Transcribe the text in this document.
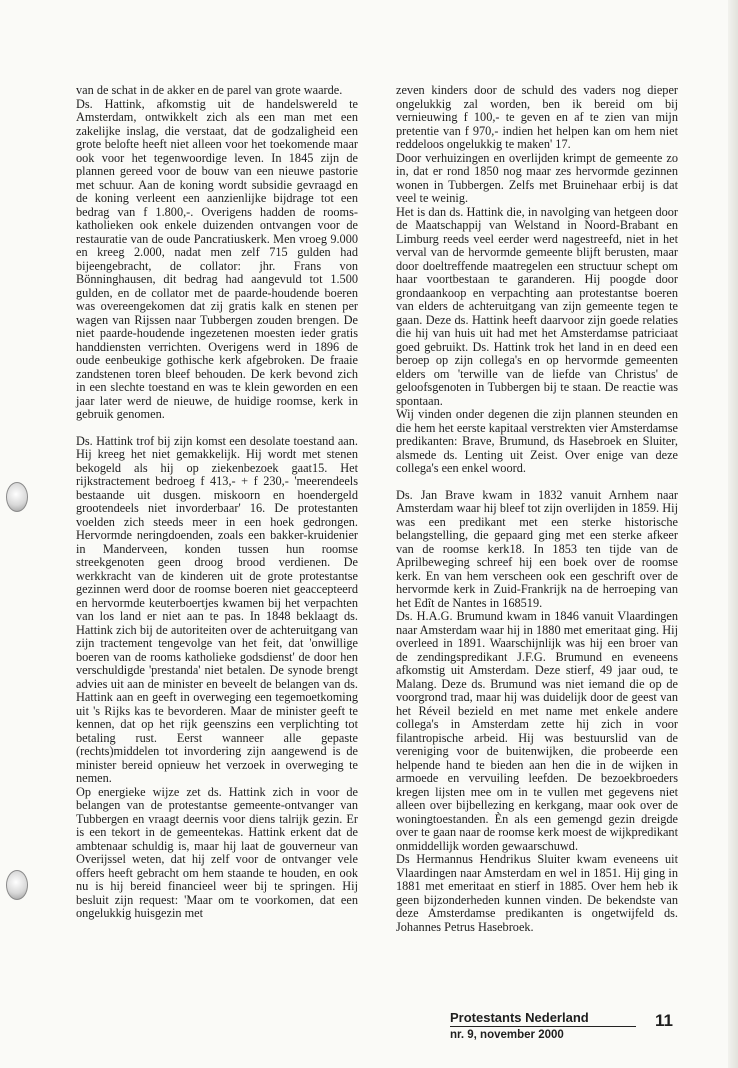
van de schat in de akker en de parel van grote waarde.

Ds. Hattink, afkomstig uit de handelswereld te Amsterdam, ontwikkelt zich als een man met een zakelijke inslag, die verstaat, dat de godzaligheid een grote belofte heeft niet alleen voor het toekomende maar ook voor het tegenwoordige leven. In 1845 zijn de plannen gereed voor de bouw van een nieuwe pastorie met schuur. Aan de koning wordt subsidie gevraagd en de koning verleent een aanzienlijke bijdrage tot een bedrag van f 1.800,-. Overigens hadden de rooms-katholieken ook enkele duizenden ontvangen voor de restauratie van de oude Pancratiuskerk. Men vroeg 9.000 en kreeg 2.000, nadat men zelf 715 gulden had bijeengebracht, de collator: jhr. Frans von Bönninghausen, dit bedrag had aangevuld tot 1.500 gulden, en de collator met de paarde-houdende boeren was overeengekomen dat zij gratis kalk en stenen per wagen van Rijssen naar Tubbergen zouden brengen. De niet paarde-houdende ingezetenen moesten ieder gratis handdiensten verrichten. Overigens werd in 1896 de oude eenbeukige gothische kerk afgebroken. De fraaie zandstenen toren bleef behouden. De kerk bevond zich in een slechte toestand en was te klein geworden en een jaar later werd de nieuwe, de huidige roomse, kerk in gebruik genomen.

Ds. Hattink trof bij zijn komst een desolate toestand aan. Hij kreeg het niet gemakkelijk. Hij wordt met stenen bekogeld als hij op ziekenbezoek gaat15. Het rijkstractement bedroeg f 413,- + f 230,- 'meerendeels bestaande uit dusgen. miskoorn en hoendergeld grootendeels niet invorderbaar' 16. De protestanten voelden zich steeds meer in een hoek gedrongen. Hervormde neringdoenden, zoals een bakker-kruidenier in Manderveen, konden tussen hun roomse streekgenoten geen droog brood verdienen. De werkkracht van de kinderen uit de grote protestantse gezinnen werd door de roomse boeren niet geaccepteerd en hervormde keuterboertjes kwamen bij het verpachten van los land er niet aan te pas. In 1848 beklaagt ds. Hattink zich bij de autoriteiten over de achteruitgang van zijn tractement tengevolge van het feit, dat 'onwillige boeren van de rooms katholieke godsdienst' de door hen verschuldigde 'prestanda' niet betalen. De synode brengt advies uit aan de minister en beveelt de belangen van ds. Hattink aan en geeft in overweging een tegemoetkoming uit 's Rijks kas te bevorderen. Maar de minister geeft te kennen, dat op het rijk geenszins een verplichting tot betaling rust. Eerst wanneer alle gepaste (rechts)middelen tot invordering zijn aangewend is de minister bereid opnieuw het verzoek in overweging te nemen.

Op energieke wijze zet ds. Hattink zich in voor de belangen van de protestantse gemeente-ontvanger van Tubbergen en vraagt deernis voor diens talrijk gezin. Er is een tekort in de gemeentekas. Hattink erkent dat de ambtenaar schuldig is, maar hij laat de gouverneur van Overijssel weten, dat hij zelf voor de ontvanger vele offers heeft gebracht om hem staande te houden, en ook nu is hij bereid financieel weer bij te springen. Hij besluit zijn request: 'Maar om te voorkomen, dat een ongelukkig huisgezin met

zeven kinders door de schuld des vaders nog dieper ongelukkig zal worden, ben ik bereid om bij vernieuwing f 100,- te geven en af te zien van mijn pretentie van f 970,- indien het helpen kan om hem niet reddeloos ongelukkig te maken' 17.

Door verhuizingen en overlijden krimpt de gemeente zo in, dat er rond 1850 nog maar zes hervormde gezinnen wonen in Tubbergen. Zelfs met Bruinehaar erbij is dat veel te weinig.

Het is dan ds. Hattink die, in navolging van hetgeen door de Maatschappij van Welstand in Noord-Brabant en Limburg reeds veel eerder werd nagestreefd, niet in het verval van de hervormde gemeente blijft berusten, maar door doeltreffende maatregelen een structuur schept om haar voortbestaan te garanderen. Hij poogde door grondaankoop en verpachting aan protestantse boeren van elders de achteruitgang van zijn gemeente tegen te gaan. Deze ds. Hattink heeft daarvoor zijn goede relaties die hij van huis uit had met het Amsterdamse patriciaat goed gebruikt. Ds. Hattink trok het land in en deed een beroep op zijn collega's en op hervormde gemeenten elders om 'terwille van de liefde van Christus' de geloofsgenoten in Tubbergen bij te staan. De reactie was spontaan.

Wij vinden onder degenen die zijn plannen steunden en die hem het eerste kapitaal verstrekten vier Amsterdamse predikanten: Brave, Brumund, ds Hasebroek en Sluiter, alsmede ds. Lenting uit Zeist. Over enige van deze collega's een enkel woord.

Ds. Jan Brave kwam in 1832 vanuit Arnhem naar Amsterdam waar hij bleef tot zijn overlijden in 1859. Hij was een predikant met een sterke historische belangstelling, die gepaard ging met een sterke afkeer van de roomse kerk18. In 1853 ten tijde van de Aprilbeweging schreef hij een boek over de roomse kerk. En van hem verscheen ook een geschrift over de hervormde kerk in Zuid-Frankrijk na de herroeping van het Edît de Nantes in 168519.

Ds. H.A.G. Brumund kwam in 1846 vanuit Vlaardingen naar Amsterdam waar hij in 1880 met emeritaat ging. Hij overleed in 1891. Waarschijnlijk was hij een broer van de zendingspredikant J.F.G. Brumund en eveneens afkomstig uit Amsterdam. Deze stierf, 49 jaar oud, te Malang. Deze ds. Brumund was niet iemand die op de voorgrond trad, maar hij was duidelijk door de geest van het Réveil bezield en met name met enkele andere collega's in Amsterdam zette hij zich in voor filantropische arbeid. Hij was bestuurslid van de vereniging voor de buitenwijken, die probeerde een helpende hand te bieden aan hen die in de wijken in armoede en vervuiling leefden. De bezoekbroeders kregen lijsten mee om in te vullen met gegevens niet alleen over bijbellezing en kerkgang, maar ook over de woningtoestanden. Èn als een gemengd gezin dreigde over te gaan naar de roomse kerk moest de wijkpredikant onmiddellijk worden gewaarschuwd.

Ds Hermannus Hendrikus Sluiter kwam eveneens uit Vlaardingen naar Amsterdam en wel in 1851. Hij ging in 1881 met emeritaat en stierf in 1885. Over hem heb ik geen bijzonderheden kunnen vinden. De bekendste van deze Amsterdamse predikanten is ongetwijfeld ds. Johannes Petrus Hasebroek.

Protestants Nederland
nr. 9, november 2000
11
